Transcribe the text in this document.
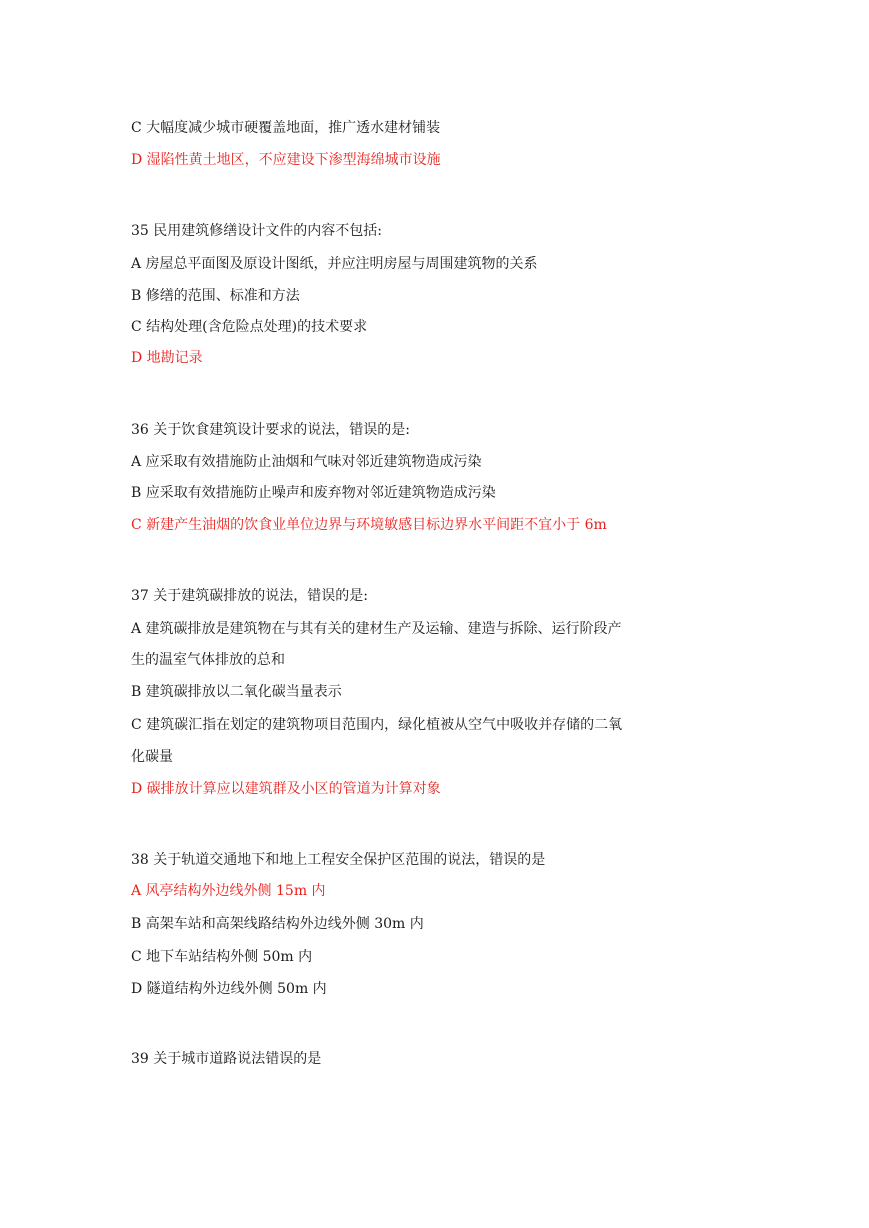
C 大幅度减少城市硬覆盖地面，推广透水建材铺装
D 湿陷性黄土地区，不应建设下渗型海绵城市设施
35 民用建筑修缮设计文件的内容不包括:
A 房屋总平面图及原设计图纸，并应注明房屋与周围建筑物的关系
B 修缮的范围、标准和方法
C 结构处理(含危险点处理)的技术要求
D 地勘记录
36 关于饮食建筑设计要求的说法，错误的是:
A 应采取有效措施防止油烟和气味对邻近建筑物造成污染
B 应采取有效措施防止噪声和废弃物对邻近建筑物造成污染
C 新建产生油烟的饮食业单位边界与环境敏感目标边界水平间距不宜小于 6m
37 关于建筑碳排放的说法，错误的是:
A 建筑碳排放是建筑物在与其有关的建材生产及运输、建造与拆除、运行阶段产
生的温室气体排放的总和
B 建筑碳排放以二氧化碳当量表示
C 建筑碳汇指在划定的建筑物项目范围内，绿化植被从空气中吸收并存储的二氧
化碳量
D 碳排放计算应以建筑群及小区的管道为计算对象
38 关于轨道交通地下和地上工程安全保护区范围的说法，错误的是
A 风亭结构外边线外侧 15m 内
B 高架车站和高架线路结构外边线外侧 30m 内
C 地下车站结构外侧 50m 内
D 隧道结构外边线外侧 50m 内
39 关于城市道路说法错误的是
